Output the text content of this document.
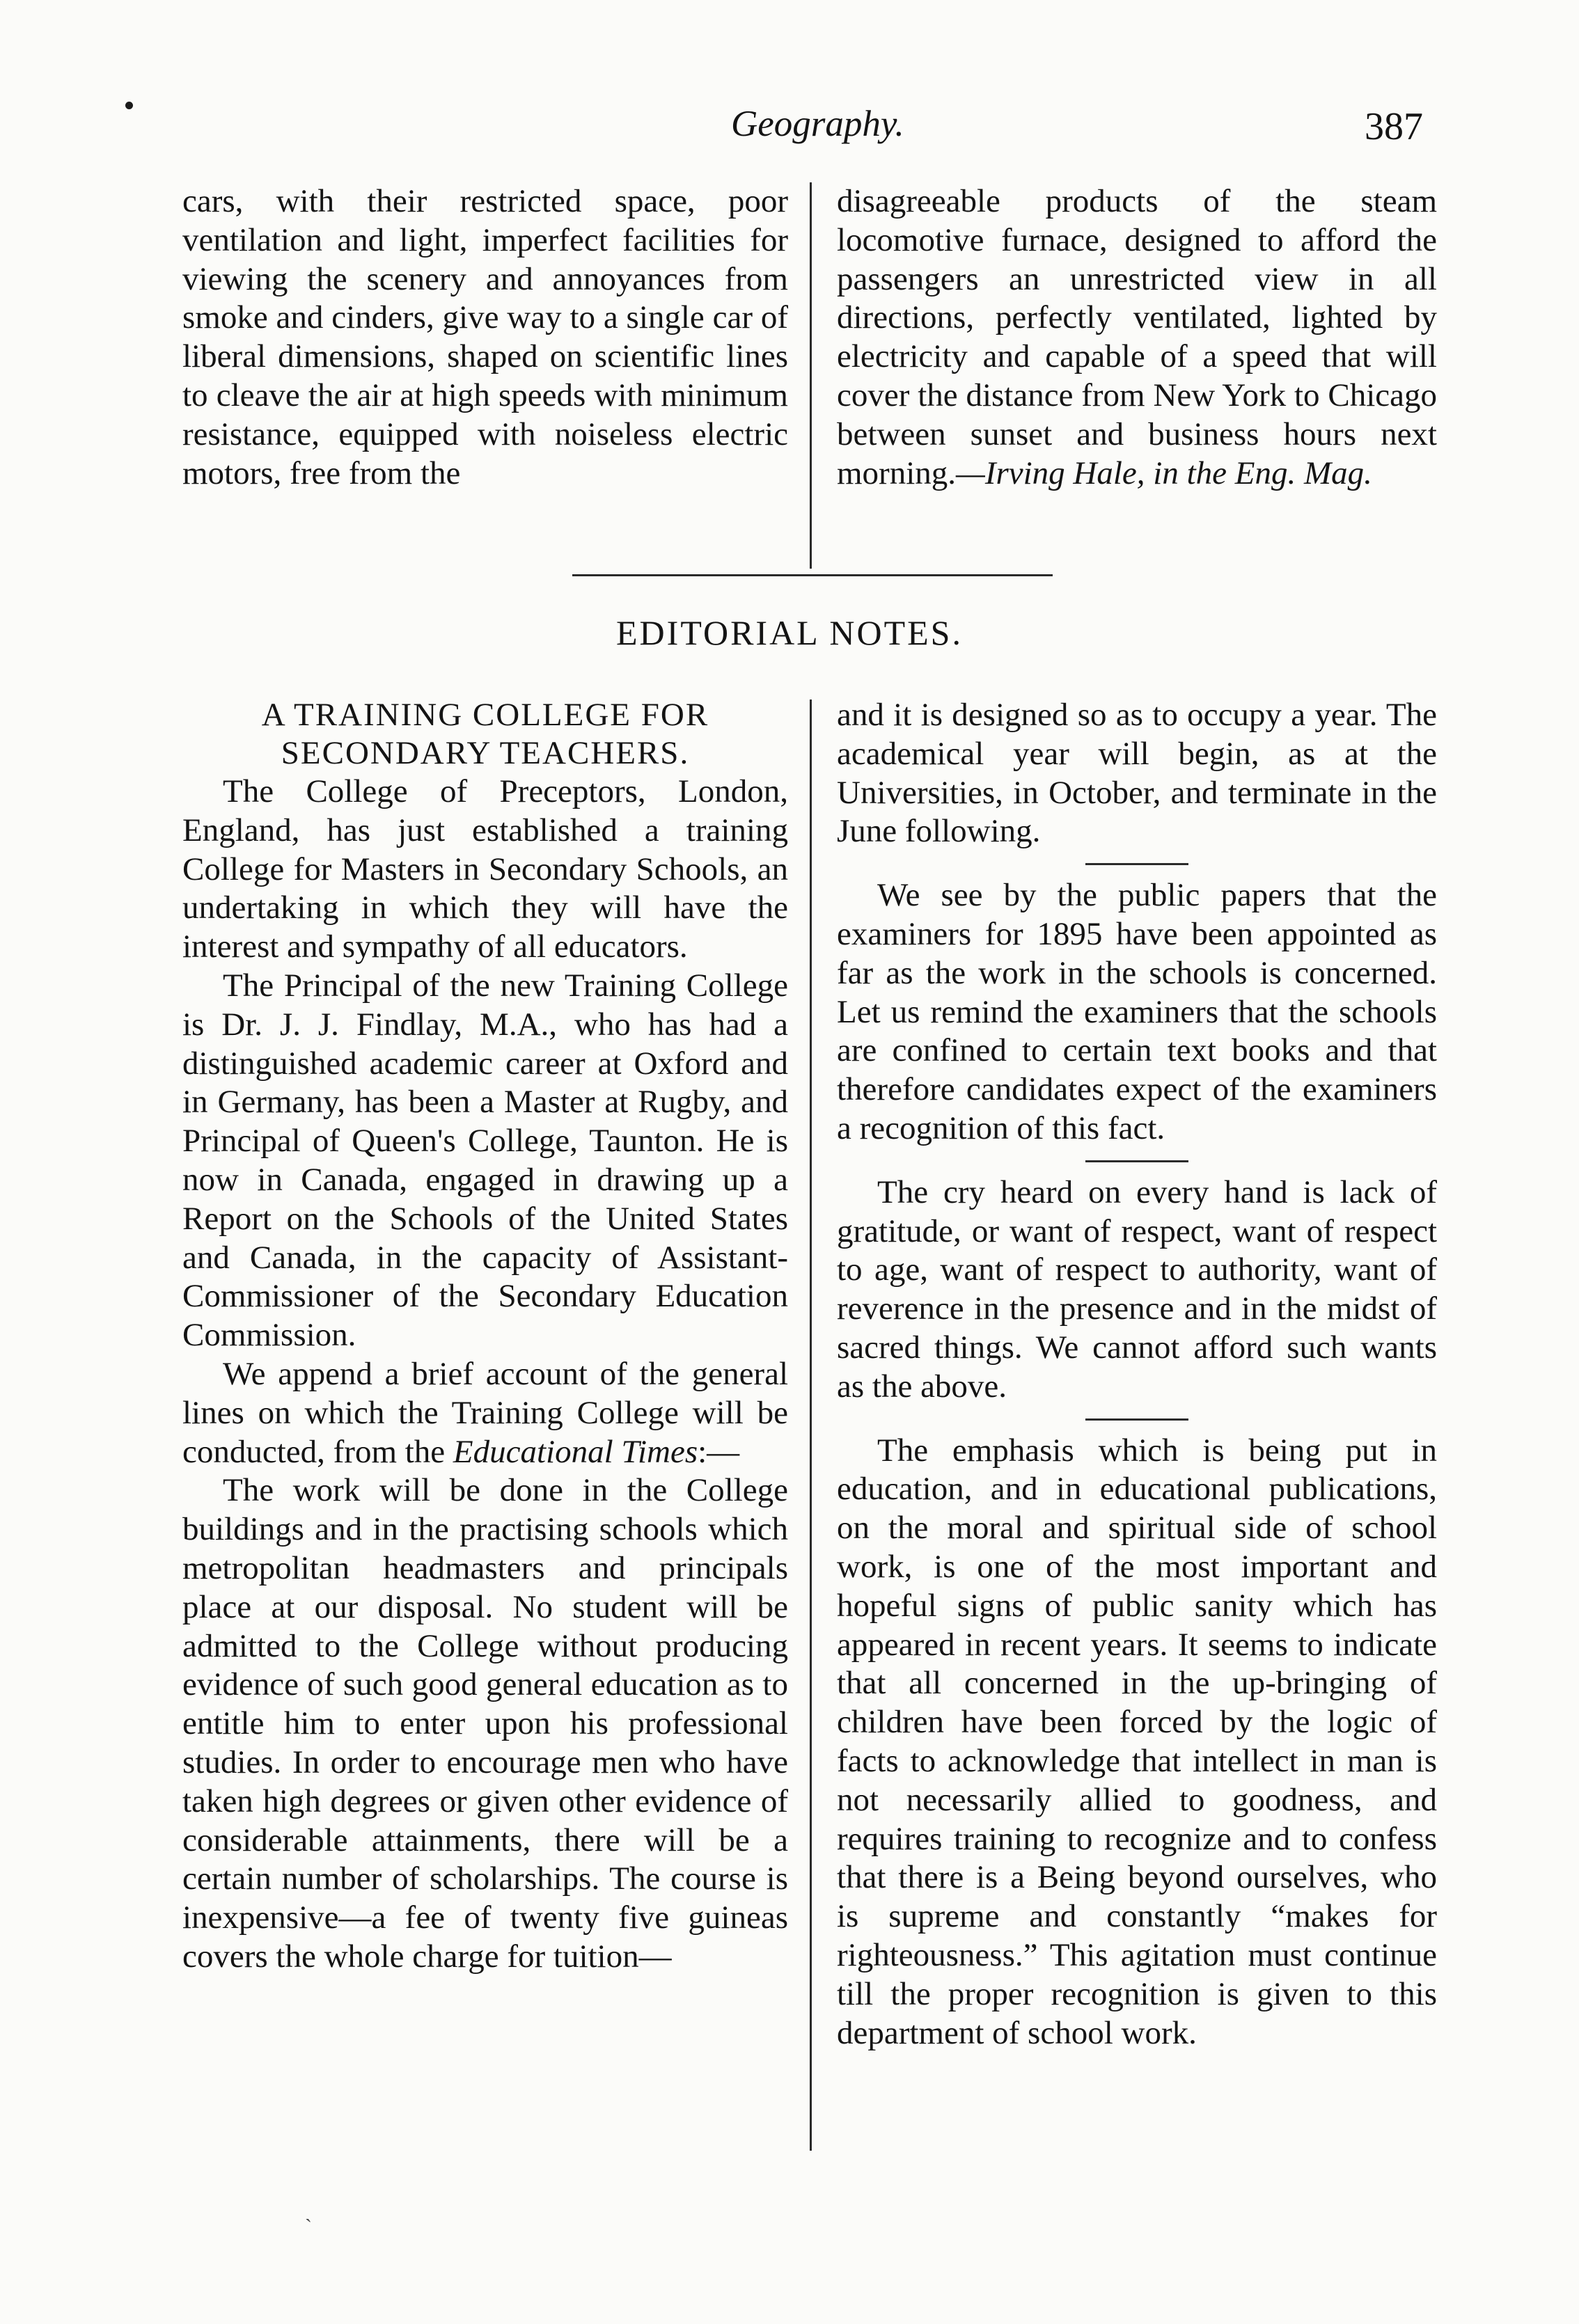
Geography.	387

cars, with their restricted space, poor ventilation and light, imperfect facilities for viewing the scenery and annoyances from smoke and cinders, give way to a single car of liberal dimensions, shaped on scientific lines to cleave the air at high speeds with minimum resistance, equipped with noiseless electric motors, free from the

disagreeable products of the steam locomotive furnace, designed to afford the passengers an unrestricted view in all directions, perfectly ventilated, lighted by electricity and capable of a speed that will cover the distance from New York to Chicago between sunset and business hours next morning.—Irving Hale, in the Eng. Mag.

EDITORIAL NOTES.
A TRAINING COLLEGE FOR
SECONDARY TEACHERS.

The College of Preceptors, London, England, has just established a training College for Masters in Secondary Schools, an undertaking in which they will have the interest and sympathy of all educators.

The Principal of the new Training College is Dr. J. J. Findlay, M.A., who has had a distinguished academic career at Oxford and in Germany, has been a Master at Rugby, and Principal of Queen's College, Taunton. He is now in Canada, engaged in drawing up a Report on the Schools of the United States and Canada, in the capacity of Assistant-Commissioner of the Secondary Education Commission.

We append a brief account of the general lines on which the Training College will be conducted, from the Educational Times:—

The work will be done in the College buildings and in the practising schools which metropolitan headmasters and principals place at our disposal. No student will be admitted to the College without producing evidence of such good general education as to entitle him to enter upon his professional studies. In order to encourage men who have taken high degrees or given other evidence of considerable attainments, there will be a certain number of scholarships. The course is inexpensive—a fee of twenty five guineas covers the whole charge for tuition—

and it is designed so as to occupy a year. The academical year will begin, as at the Universities, in October, and terminate in the June following.

We see by the public papers that the examiners for 1895 have been appointed as far as the work in the schools is concerned. Let us remind the examiners that the schools are confined to certain text books and that therefore candidates expect of the examiners a recognition of this fact.

The cry heard on every hand is lack of gratitude, or want of respect, want of respect to age, want of respect to authority, want of reverence in the presence and in the midst of sacred things. We cannot afford such wants as the above.

The emphasis which is being put in education, and in educational publications, on the moral and spiritual side of school work, is one of the most important and hopeful signs of public sanity which has appeared in recent years. It seems to indicate that all concerned in the up-bringing of children have been forced by the logic of facts to acknowledge that intellect in man is not necessarily allied to goodness, and requires training to recognize and to confess that there is a Being beyond ourselves, who is supreme and constantly “makes for righteousness.” This agitation must continue till the proper recognition is given to this department of school work.

ˏ
